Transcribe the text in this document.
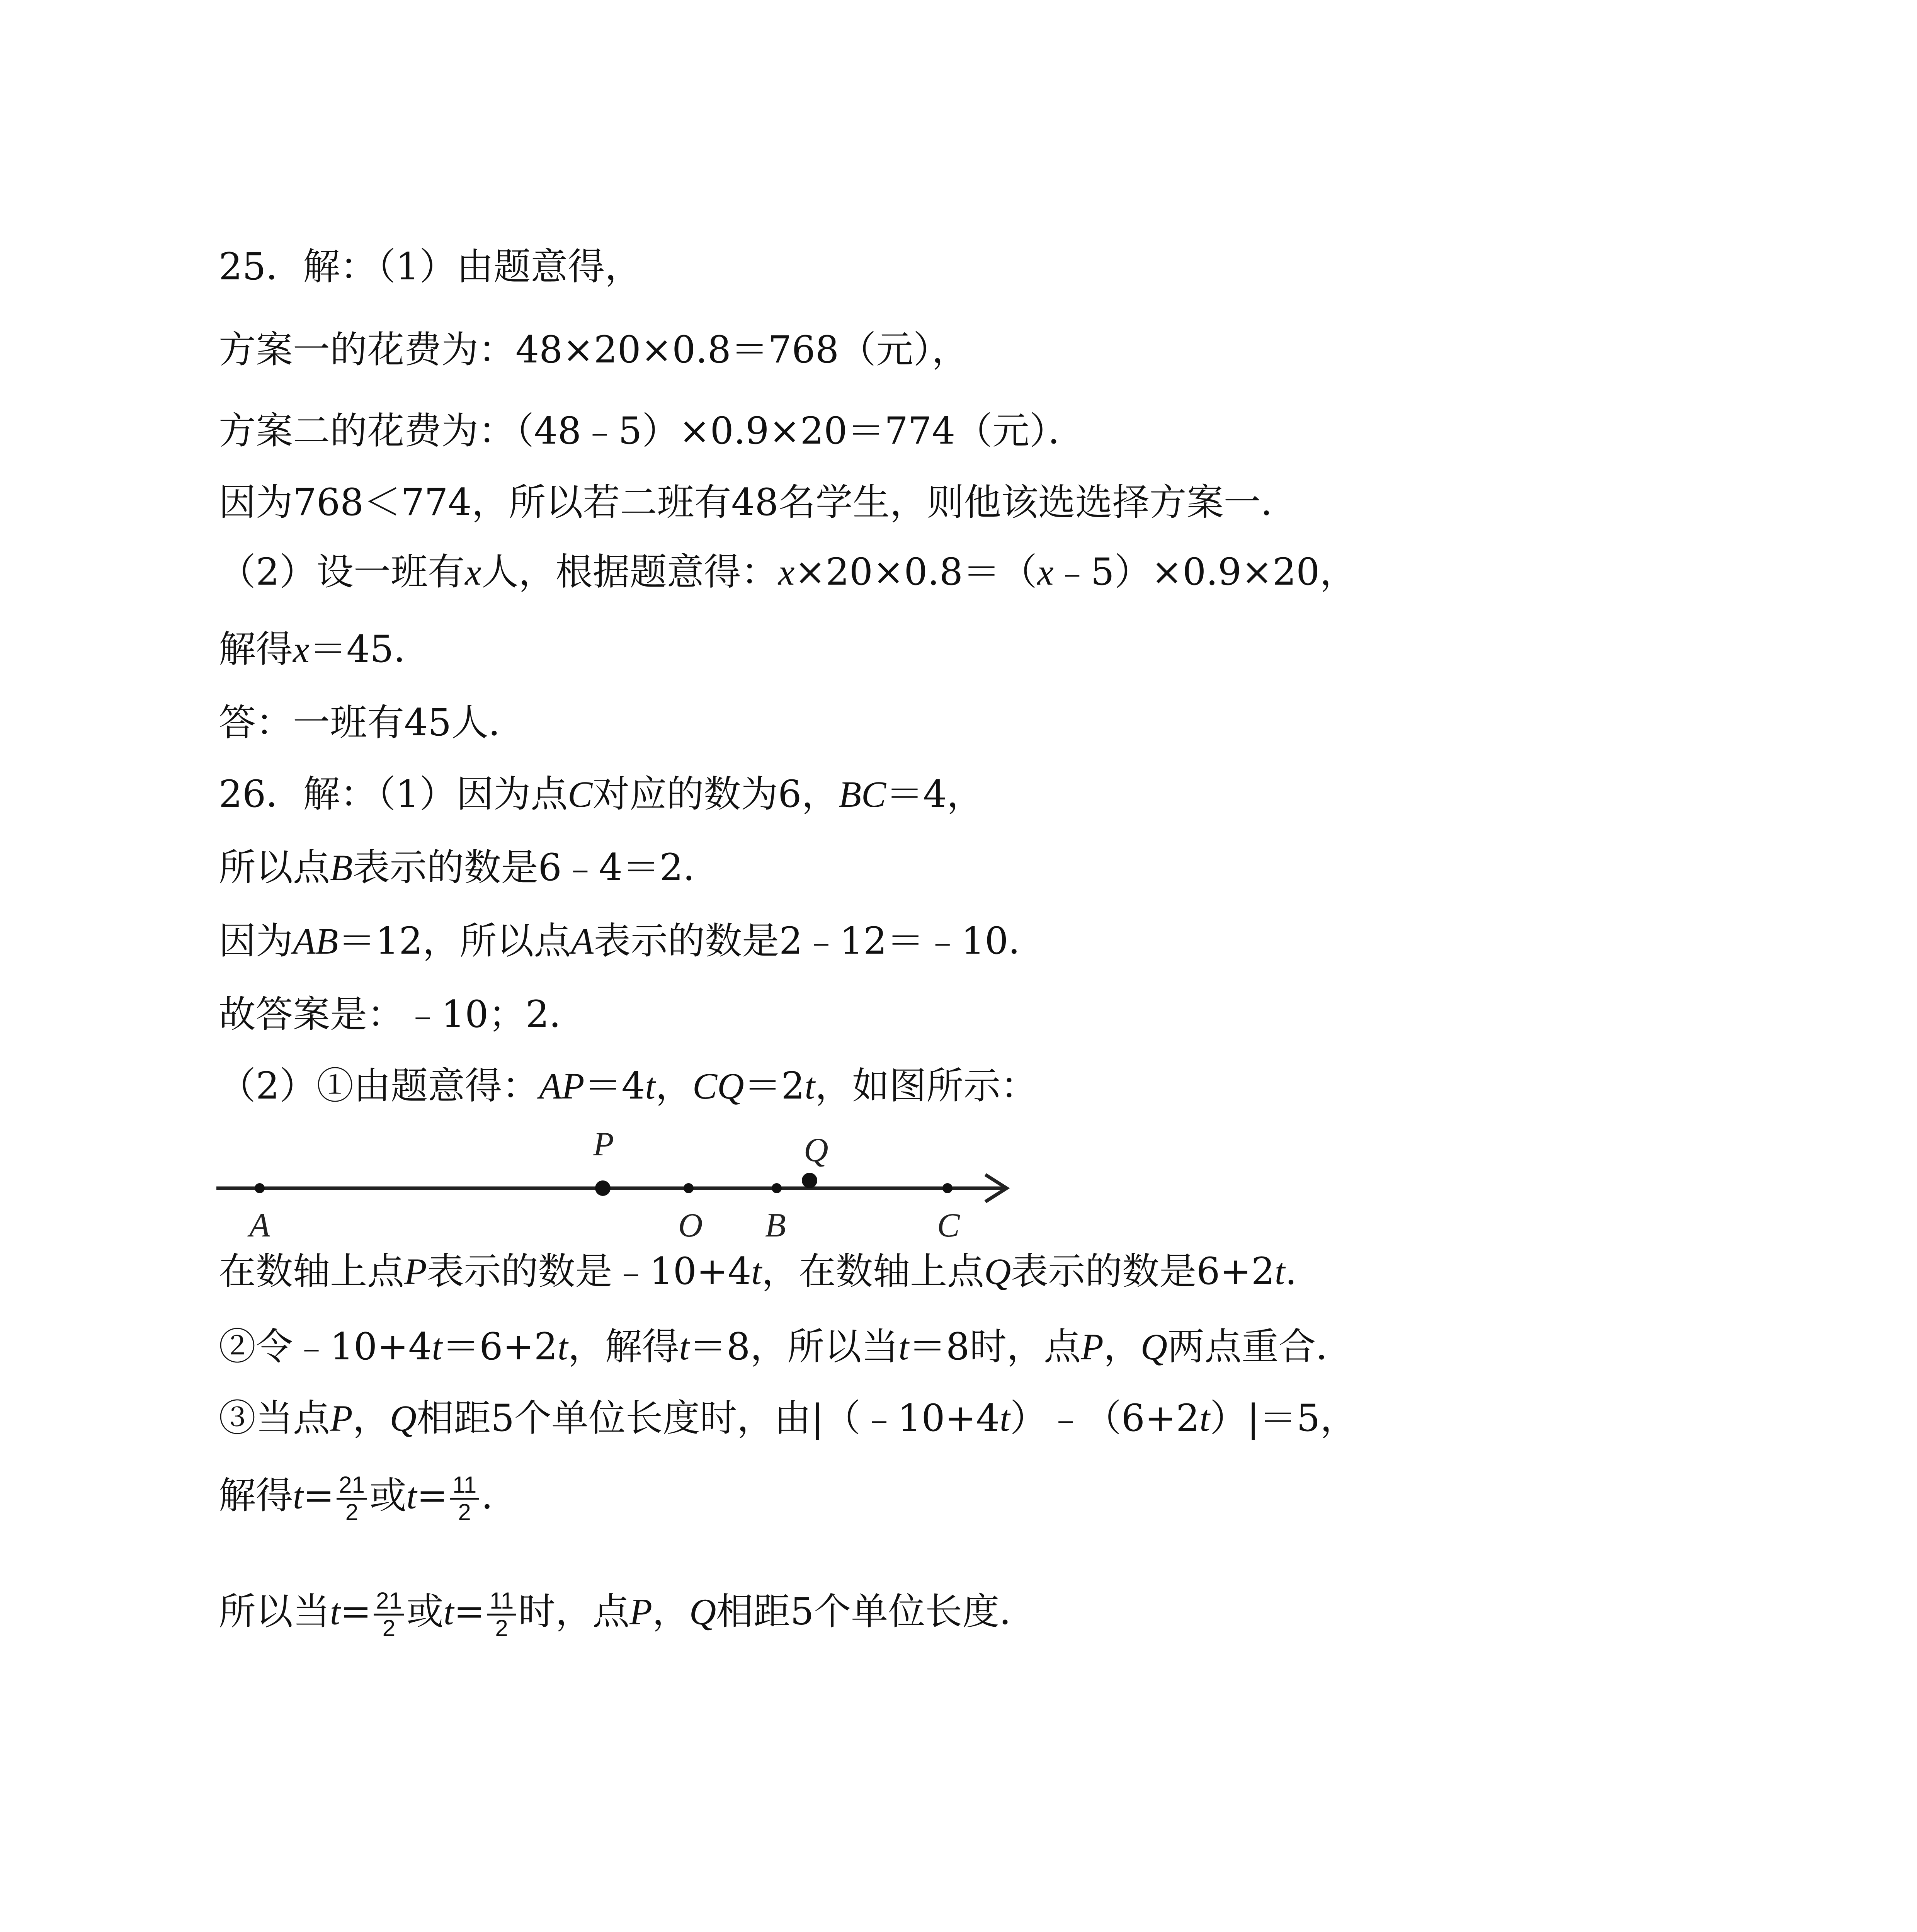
25．解：（1）由题意得，
方案一的花费为：48×20×0.8＝768（元），
方案二的花费为：（48﹣5）×0.9×20＝774（元）．
因为768＜774，所以若二班有48名学生，则他该选选择方案一．
（2）设一班有x人，根据题意得：x×20×0.8＝（x﹣5）×0.9×20，
解得x＝45．
答：一班有45人．
26．解：（1）因为点C对应的数为6，BC＝4，
所以点B表示的数是6﹣4＝2．
因为AB＝12，所以点A表示的数是2﹣12＝﹣10．
故答案是：﹣10；2．
（2）①由题意得：AP＝4t，CQ＝2t，如图所示：
A
P
O B
Q
C
在数轴上点P表示的数是﹣10+4t，在数轴上点Q表示的数是6+2t.
②令﹣10+4t＝6+2t，解得t＝8，所以当t＝8时，点P，Q两点重合．
③当点P，Q相距5个单位长度时，由|（﹣10+4t）﹣（6+2t）|＝5，
解得$t= \frac{21}{2}$ 或$t= \frac{11}{2}$ .
所以当$t= \frac{21}{2}$ 或$t= \frac{11}{2}$ 时，点P，Q相距5个单位长度．
